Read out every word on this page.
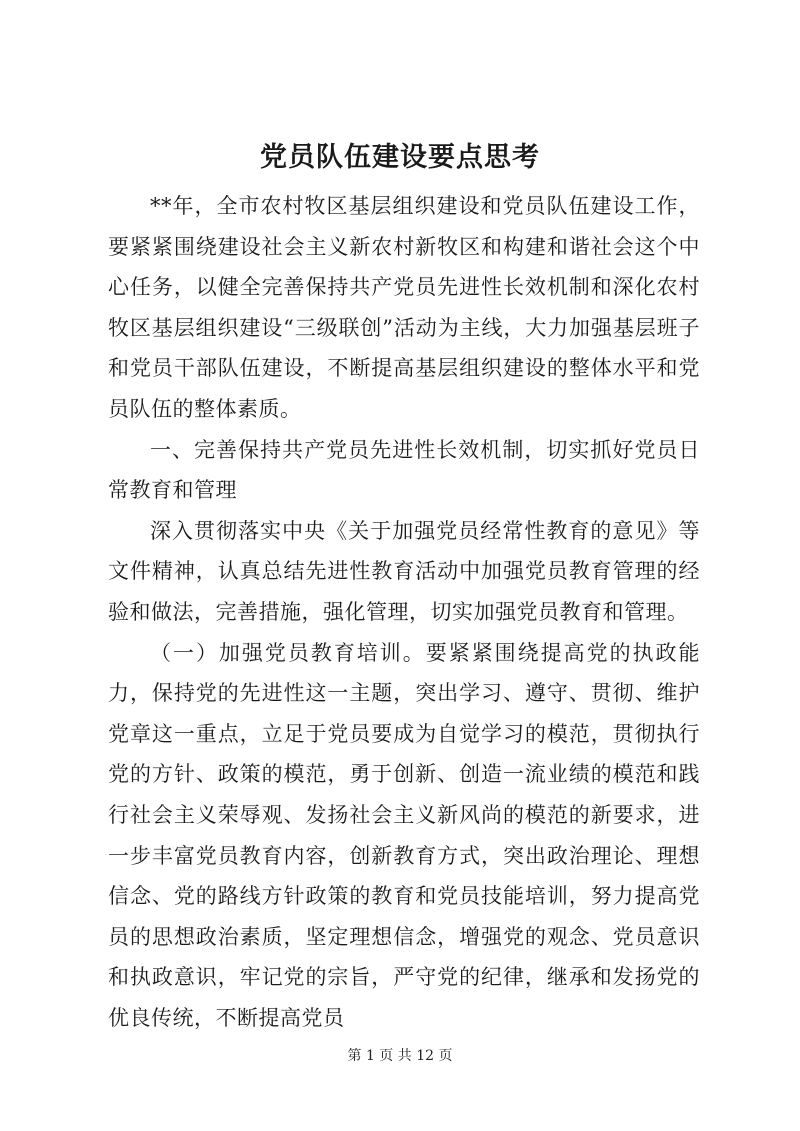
党员队伍建设要点思考

**年，全市农村牧区基层组织建设和党员队伍建设工作，要紧紧围绕建设社会主义新农村新牧区和构建和谐社会这个中心任务，以健全完善保持共产党员先进性长效机制和深化农村牧区基层组织建设“三级联创”活动为主线，大力加强基层班子和党员干部队伍建设，不断提高基层组织建设的整体水平和党员队伍的整体素质。

一、完善保持共产党员先进性长效机制，切实抓好党员日常教育和管理

深入贯彻落实中央《关于加强党员经常性教育的意见》等文件精神，认真总结先进性教育活动中加强党员教育管理的经验和做法，完善措施，强化管理，切实加强党员教育和管理。

（一）加强党员教育培训。要紧紧围绕提高党的执政能力，保持党的先进性这一主题，突出学习、遵守、贯彻、维护党章这一重点，立足于党员要成为自觉学习的模范，贯彻执行党的方针、政策的模范，勇于创新、创造一流业绩的模范和践行社会主义荣辱观、发扬社会主义新风尚的模范的新要求，进一步丰富党员教育内容，创新教育方式，突出政治理论、理想信念、党的路线方针政策的教育和党员技能培训，努力提高党员的思想政治素质，坚定理想信念，增强党的观念、党员意识和执政意识，牢记党的宗旨，严守党的纪律，继承和发扬党的优良传统，不断提高党员

第 1 页 共 12 页
